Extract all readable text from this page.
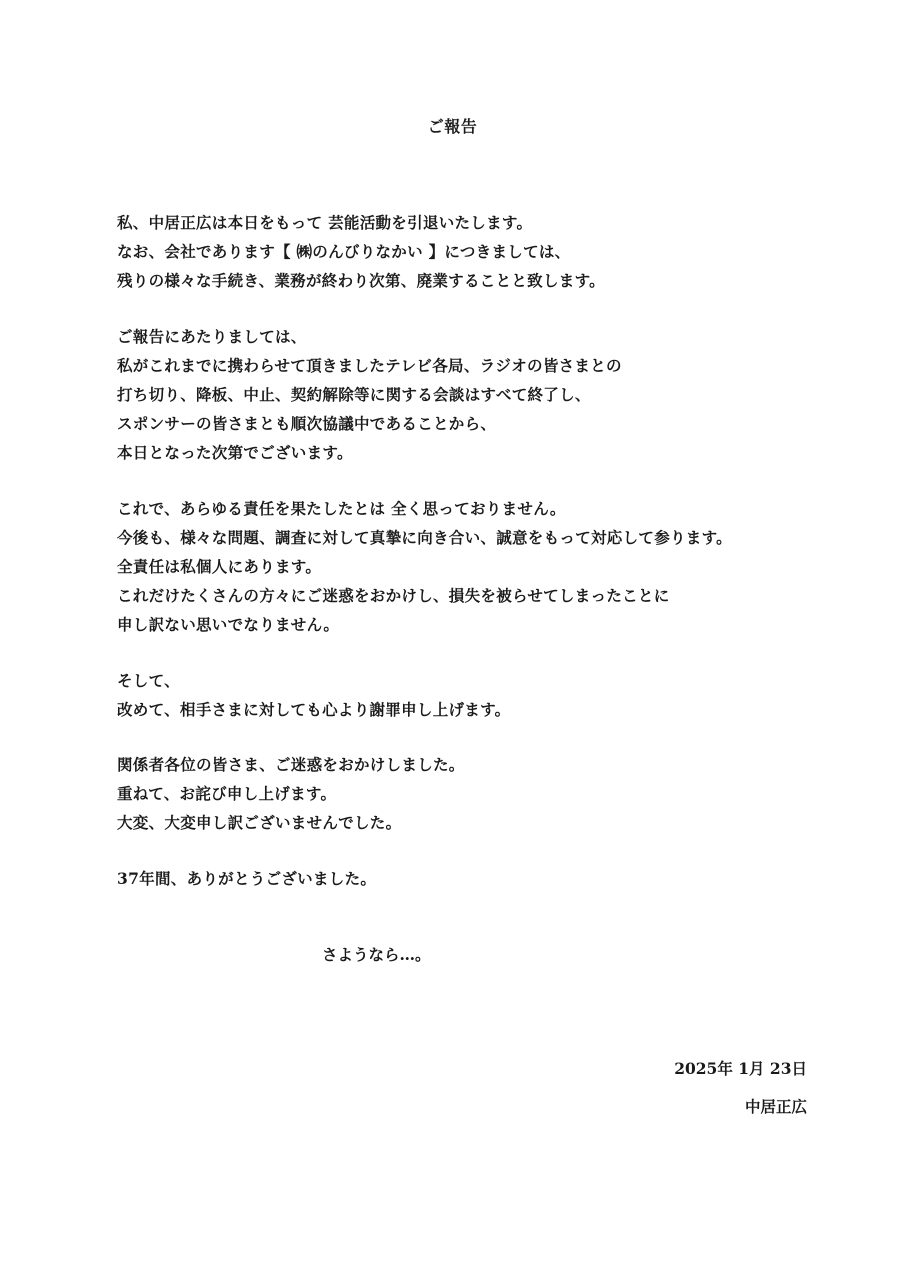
ご報告
私、中居正広は本日をもって 芸能活動を引退いたします。
なお、会社であります【 ㈱のんびりなかい 】につきましては、
残りの様々な手続き、業務が終わり次第、廃業することと致します。
ご報告にあたりましては、
私がこれまでに携わらせて頂きましたテレビ各局、ラジオの皆さまとの
打ち切り、降板、中止、契約解除等に関する会談はすべて終了し、
スポンサーの皆さまとも順次協議中であることから、
本日となった次第でございます。
これで、あらゆる責任を果たしたとは 全く思っておりません。
今後も、様々な問題、調査に対して真摯に向き合い、誠意をもって対応して参ります。
全責任は私個人にあります。
これだけたくさんの方々にご迷惑をおかけし、損失を被らせてしまったことに
申し訳ない思いでなりません。
そして、
改めて、相手さまに対しても心より謝罪申し上げます。
関係者各位の皆さま、ご迷惑をおかけしました。
重ねて、お詫び申し上げます。
大変、大変申し訳ございませんでした。
37年間、ありがとうございました。
さようなら…。
2025年 1月 23日
中居正広
